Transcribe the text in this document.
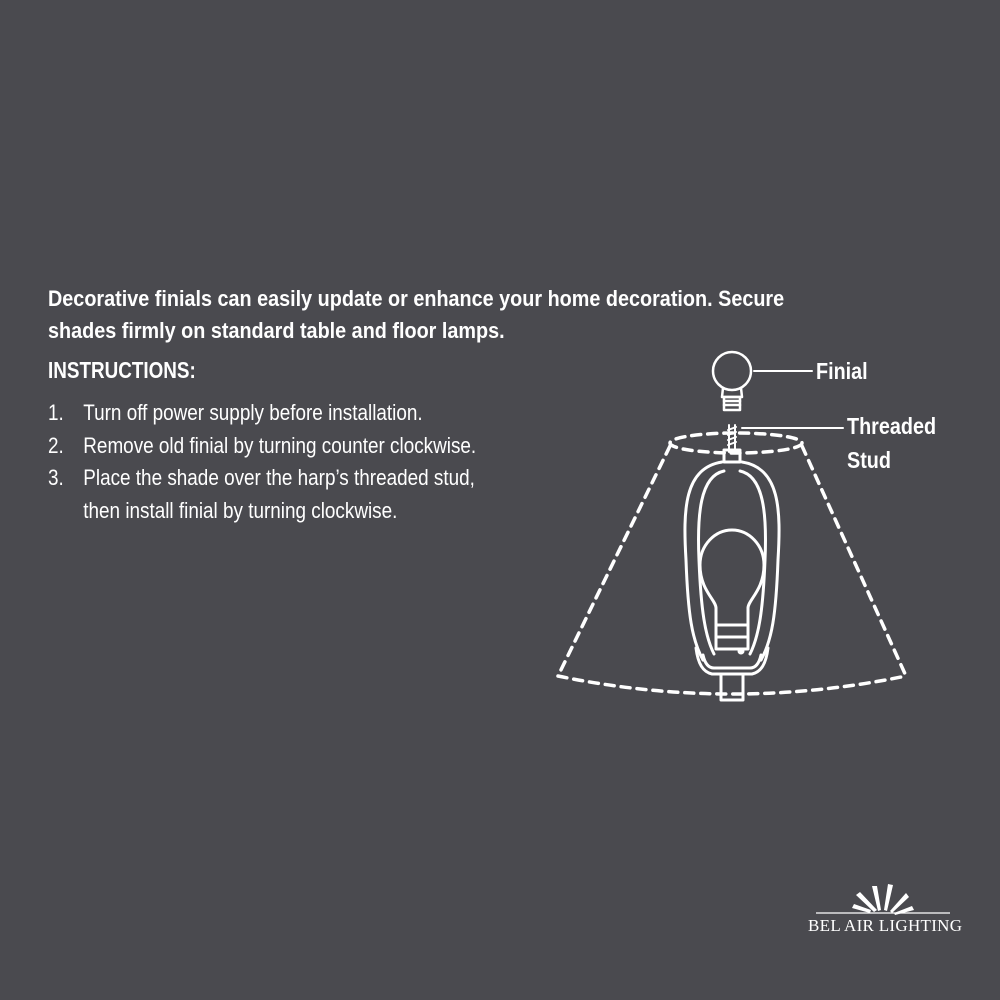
Decorative finials can easily update or enhance your home decoration. Secure
shades firmly on standard table and floor lamps.
INSTRUCTIONS:
1. Turn off power supply before installation.
2. Remove old finial by turning counter clockwise.
3. Place the shade over the harp’s threaded stud,
then install finial by turning clockwise.
Finial
Threaded
Stud
BEL AIR LIGHTING
